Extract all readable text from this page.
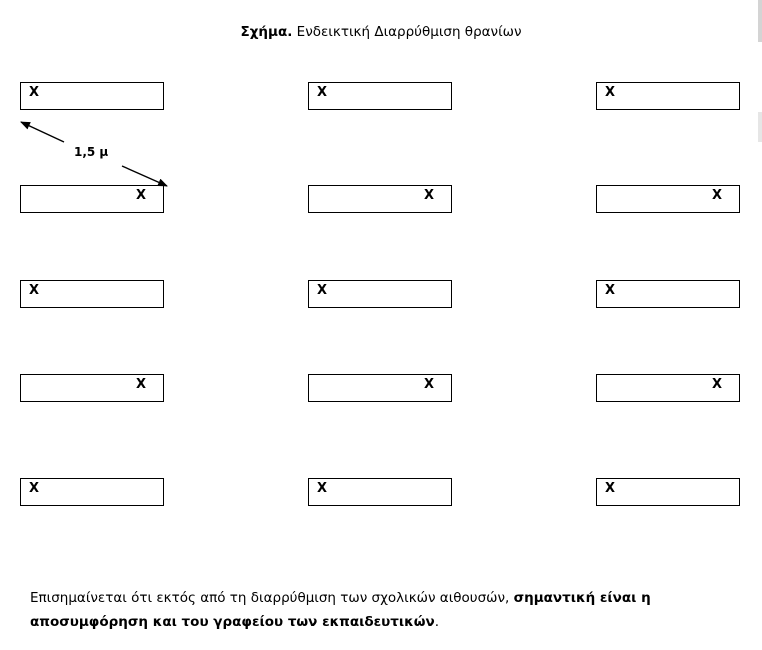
Σχήμα. Ενδεικτική Διαρρύθμιση θρανίων
X	X	X
X	X	X
X	X	X
X	X	X
X	X	X
1,5 μ
Επισημαίνεται ότι εκτός από τη διαρρύθμιση των σχολικών αιθουσών, σημαντική είναι η αποσυμφόρηση και του γραφείου των εκπαιδευτικών.
